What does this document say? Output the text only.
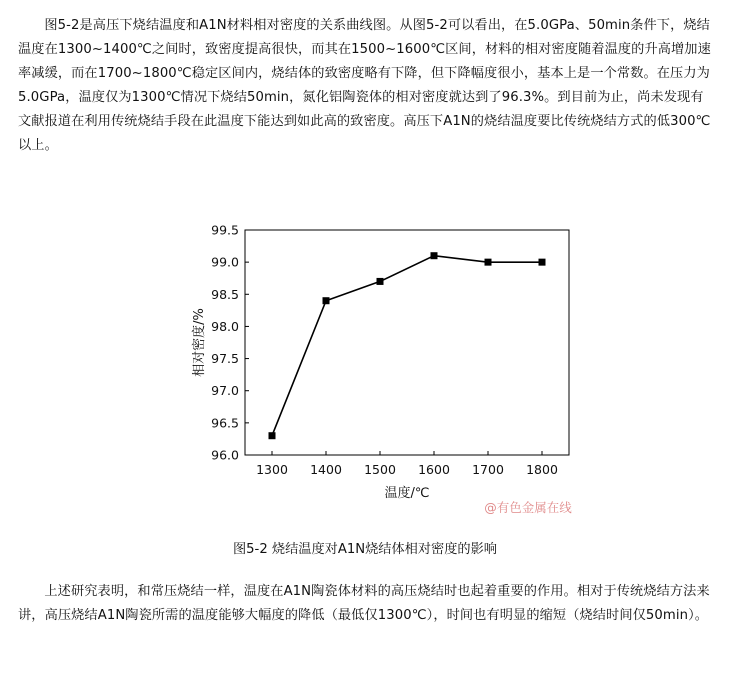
图5-2是高压下烧结温度和A1N材料相对密度的关系曲线图。从图5-2可以看出，在5.0GPa、50min条件下，烧结温度在1300~1400℃之间时，致密度提高很快，而其在1500~1600℃区间，材料的相对密度随着温度的升高增加速率减缓，而在1700~1800℃稳定区间内，烧结体的致密度略有下降，但下降幅度很小，基本上是一个常数。在压力为5.0GPa，温度仅为1300℃情况下烧结50min，氮化铝陶瓷体的相对密度就达到了96.3%。到目前为止，尚未发现有文献报道在利用传统烧结手段在此温度下能达到如此高的致密度。高压下A1N的烧结温度要比传统烧结方式的低300℃以上。

96.0
96.5
97.0
97.5
98.0
98.5
99.0
99.5
1300 1400 1500 1600 1700 1800
温度/℃
相对密度/%
@有色金属在线
图5-2 烧结温度对A1N烧结体相对密度的影响

上述研究表明，和常压烧结一样，温度在A1N陶瓷体材料的高压烧结时也起着重要的作用。相对于传统烧结方法来讲，高压烧结A1N陶瓷所需的温度能够大幅度的降低（最低仅1300℃），时间也有明显的缩短（烧结时间仅50min）。
